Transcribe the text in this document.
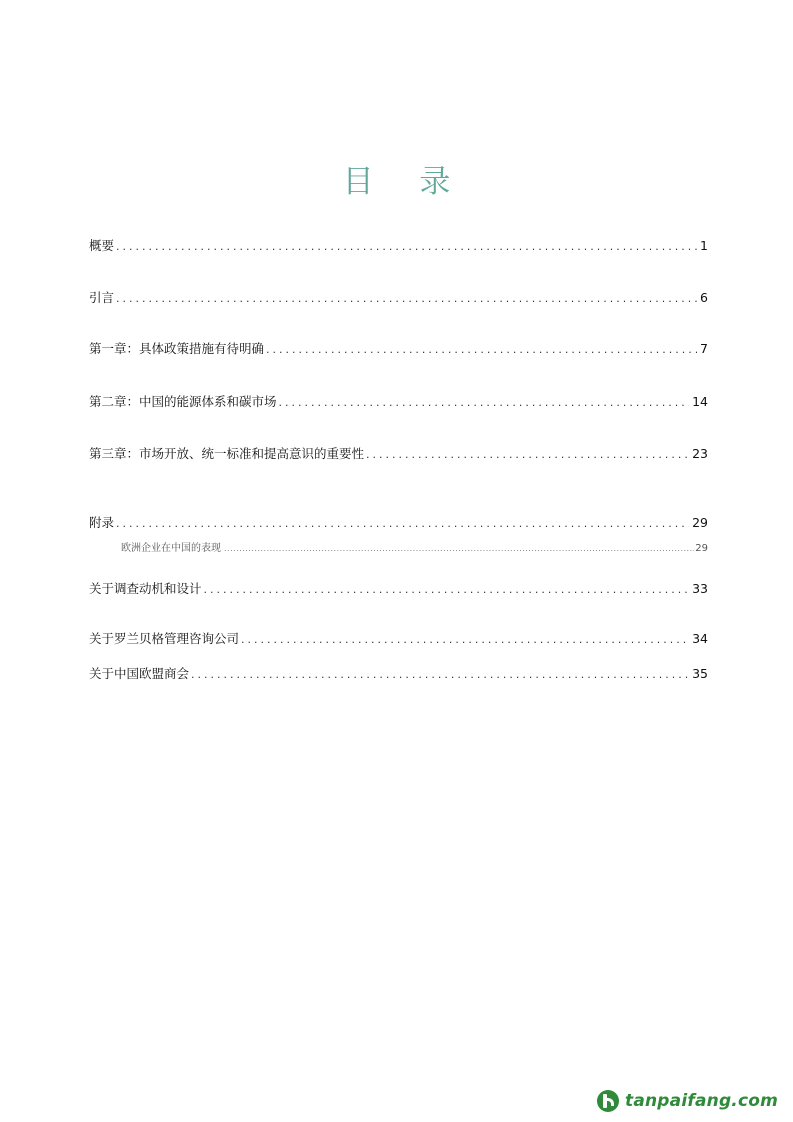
目 录
概要 .....	1
引言 .....	6
第一章：具体政策措施有待明确 .....	7
第二章：中国的能源体系和碳市场 .....	14
第三章：市场开放、统一标准和提高意识的重要性 .....	23
附录 .....	29
欧洲企业在中国的表现 .....	29
关于调查动机和设计 .....	33
关于罗兰贝格管理咨询公司 .....	34
关于中国欧盟商会 .....	35
tanpaifang.com
